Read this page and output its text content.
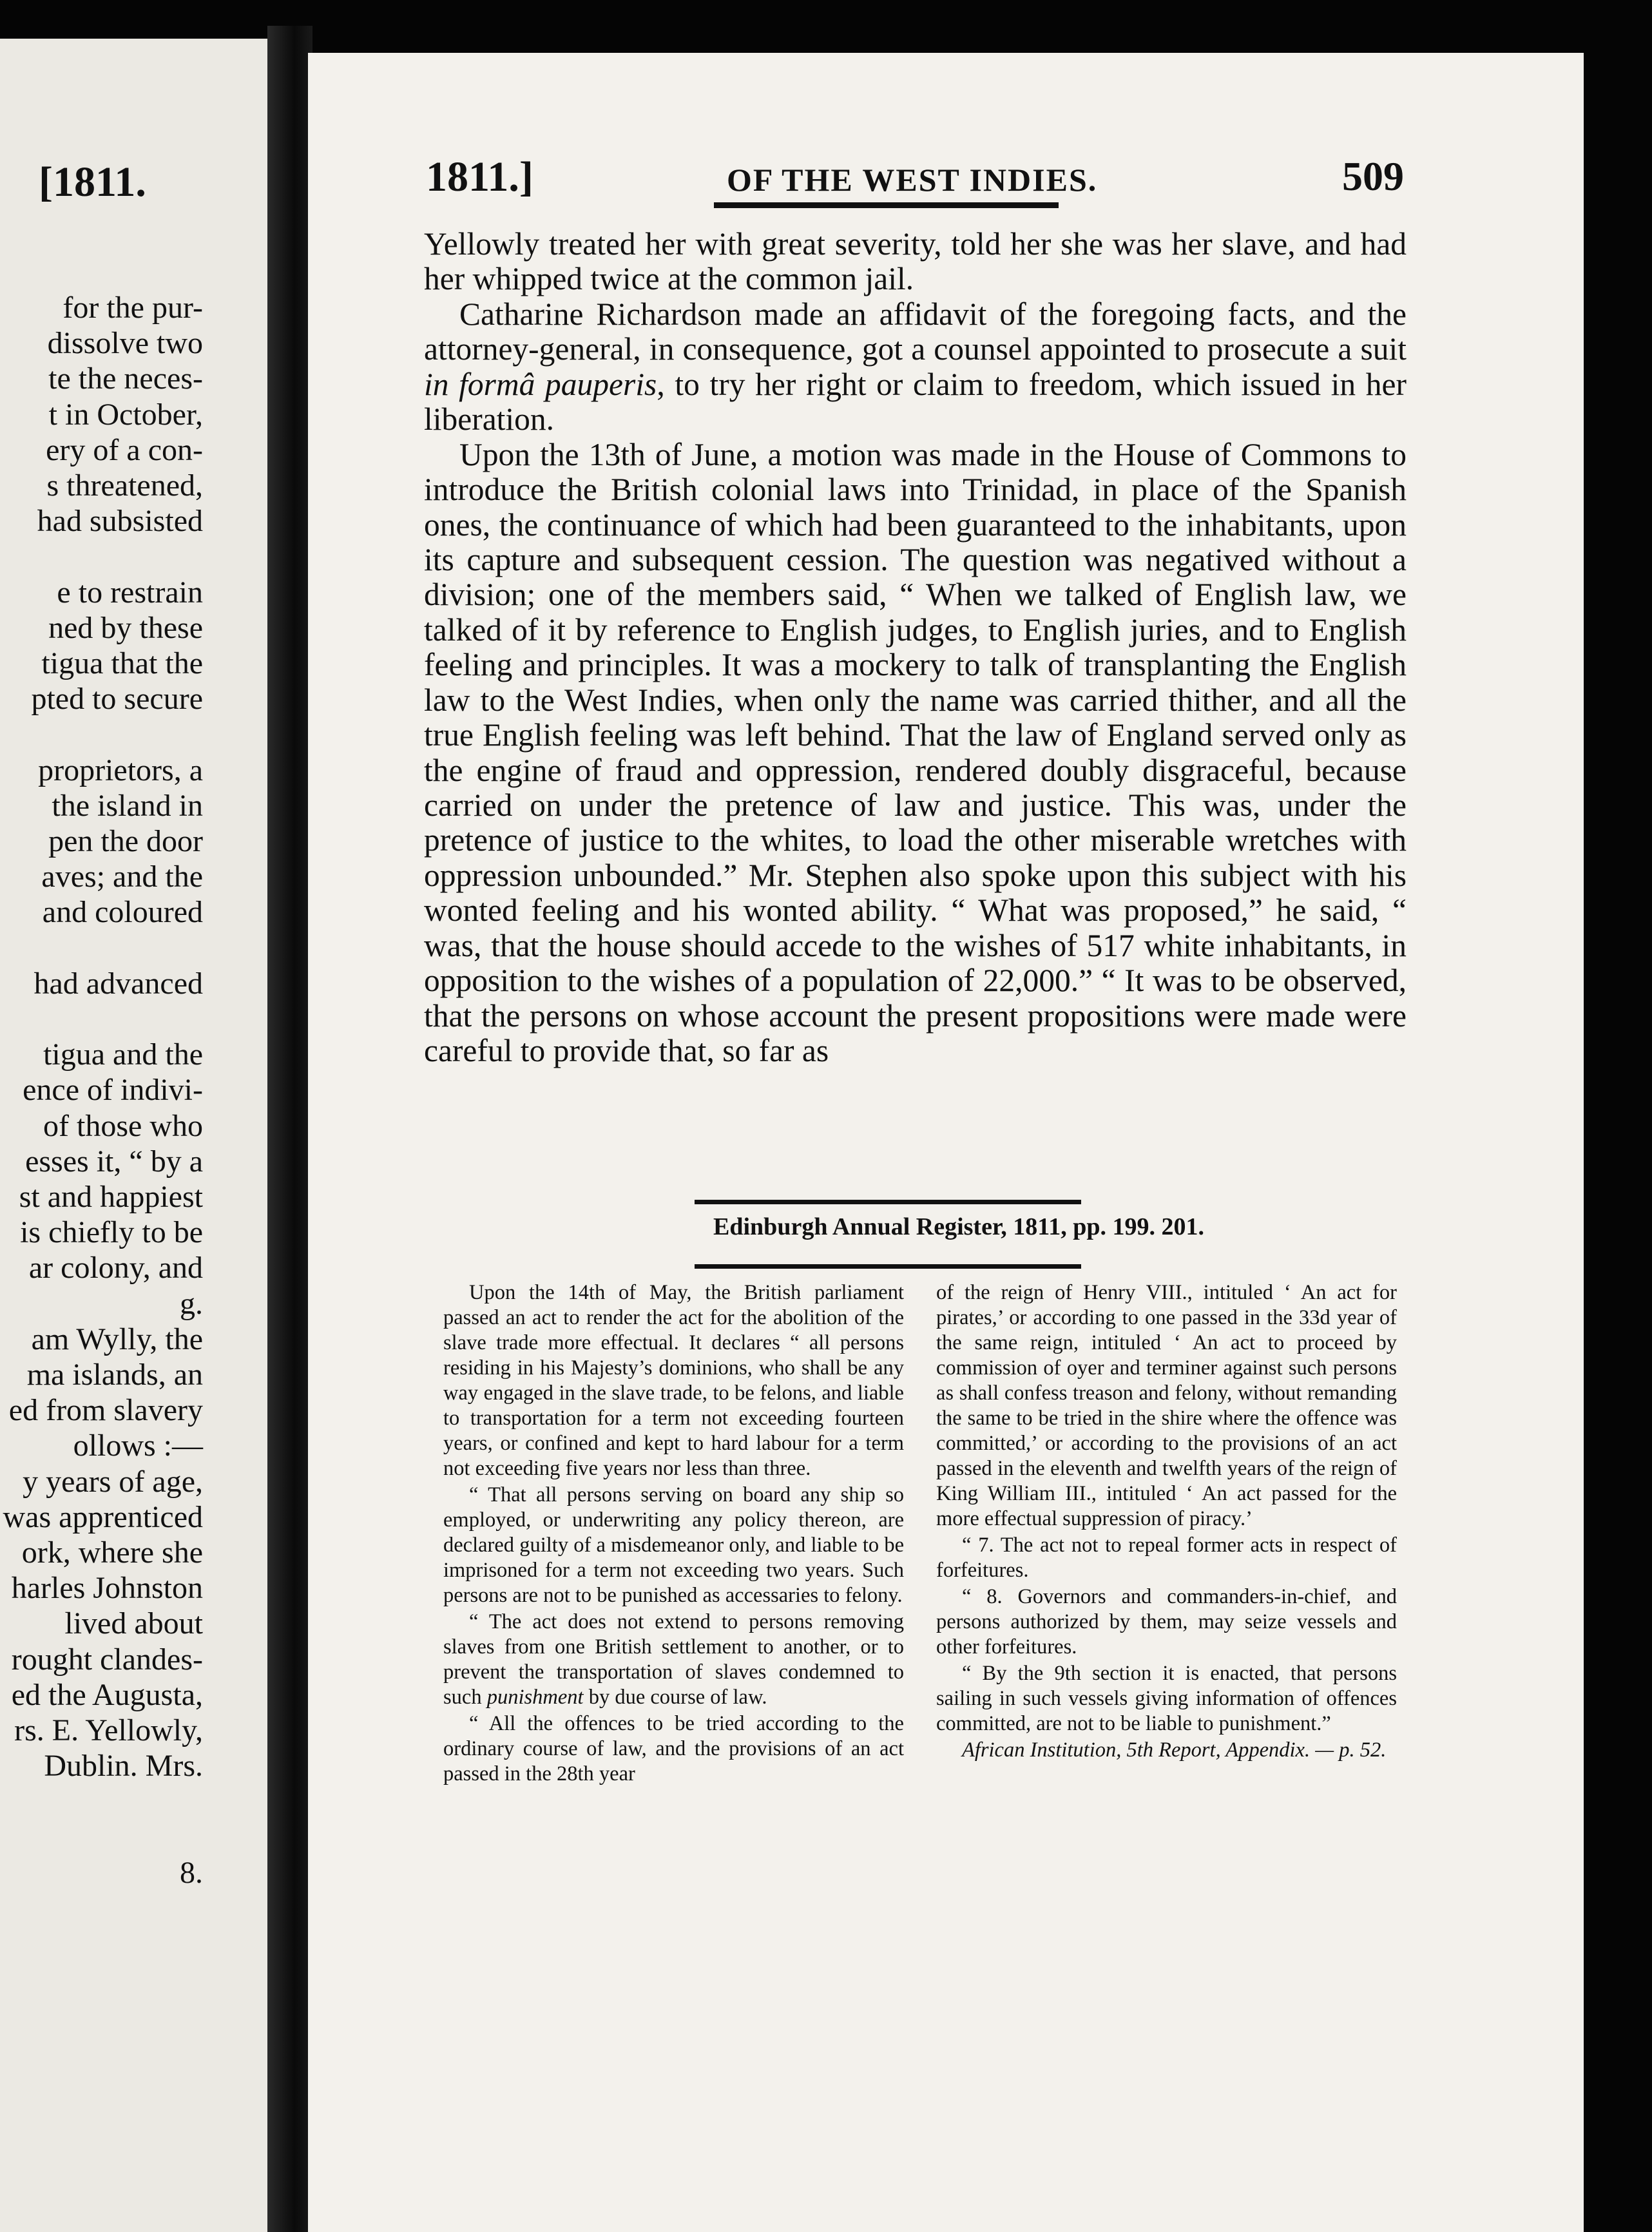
[1811.
for the pur-
dissolve two
te the neces-
t in October,
ery of a con-
s threatened,
had subsisted
e to restrain
ned by these
tigua that the
pted to secure
proprietors, a
the island in
pen the door
aves; and the
and coloured
had advanced
tigua and the
ence of indivi-
of those who
esses it, “ by a
st and happiest
is chiefly to be
ar colony, and
g.
am Wylly, the
ma islands, an
ed from slavery
ollows :—
y years of age,
was apprenticed
ork, where she
harles Johnston
lived about
rought clandes-
ed the Augusta,
rs. E. Yellowly,
Dublin. Mrs.
8.
1811.]	OF THE WEST INDIES.	509

Yellowly treated her with great severity, told her she was her slave, and had her whipped twice at the common jail.

Catharine Richardson made an affidavit of the foregoing facts, and the attorney-general, in consequence, got a counsel appointed to prosecute a suit in formâ pauperis, to try her right or claim to freedom, which issued in her liberation.

Upon the 13th of June, a motion was made in the House of Commons to introduce the British colonial laws into Trinidad, in place of the Spanish ones, the continuance of which had been guaranteed to the inhabitants, upon its capture and subsequent cession. The question was negatived without a division; one of the members said, “ When we talked of English law, we talked of it by reference to English judges, to English juries, and to English feeling and principles. It was a mockery to talk of transplanting the English law to the West Indies, when only the name was carried thither, and all the true English feeling was left behind. That the law of England served only as the engine of fraud and oppression, rendered doubly disgraceful, because carried on under the pretence of law and justice. This was, under the pretence of justice to the whites, to load the other miserable wretches with oppression unbounded.” Mr. Stephen also spoke upon this subject with his wonted feeling and his wonted ability. “ What was proposed,” he said, “ was, that the house should accede to the wishes of 517 white inhabitants, in opposition to the wishes of a population of 22,000.” “ It was to be observed, that the persons on whose account the present propositions were made were careful to provide that, so far as

Edinburgh Annual Register, 1811, pp. 199. 201.

Upon the 14th of May, the British parliament passed an act to render the act for the abolition of the slave trade more effectual. It declares “ all persons residing in his Majesty’s dominions, who shall be any way engaged in the slave trade, to be felons, and liable to transportation for a term not exceeding fourteen years, or confined and kept to hard labour for a term not exceeding five years nor less than three.

“ That all persons serving on board any ship so employed, or underwriting any policy thereon, are declared guilty of a misdemeanor only, and liable to be imprisoned for a term not exceeding two years. Such persons are not to be punished as accessaries to felony.

“ The act does not extend to persons removing slaves from one British settlement to another, or to prevent the transportation of slaves condemned to such punishment by due course of law.

“ All the offences to be tried according to the ordinary course of law, and the provisions of an act passed in the 28th year

of the reign of Henry VIII., intituled ‘ An act for pirates,’ or according to one passed in the 33d year of the same reign, intituled ‘ An act to proceed by commission of oyer and terminer against such persons as shall confess treason and felony, without remanding the same to be tried in the shire where the offence was committed,’ or according to the provisions of an act passed in the eleventh and twelfth years of the reign of King William III., intituled ‘ An act passed for the more effectual suppression of piracy.’

“ 7. The act not to repeal former acts in respect of forfeitures.

“ 8. Governors and commanders-in-chief, and persons authorized by them, may seize vessels and other forfeitures.

“ By the 9th section it is enacted, that persons sailing in such vessels giving information of offences committed, are not to be liable to punishment.”

African Institution, 5th Report, Appendix. — p. 52.
